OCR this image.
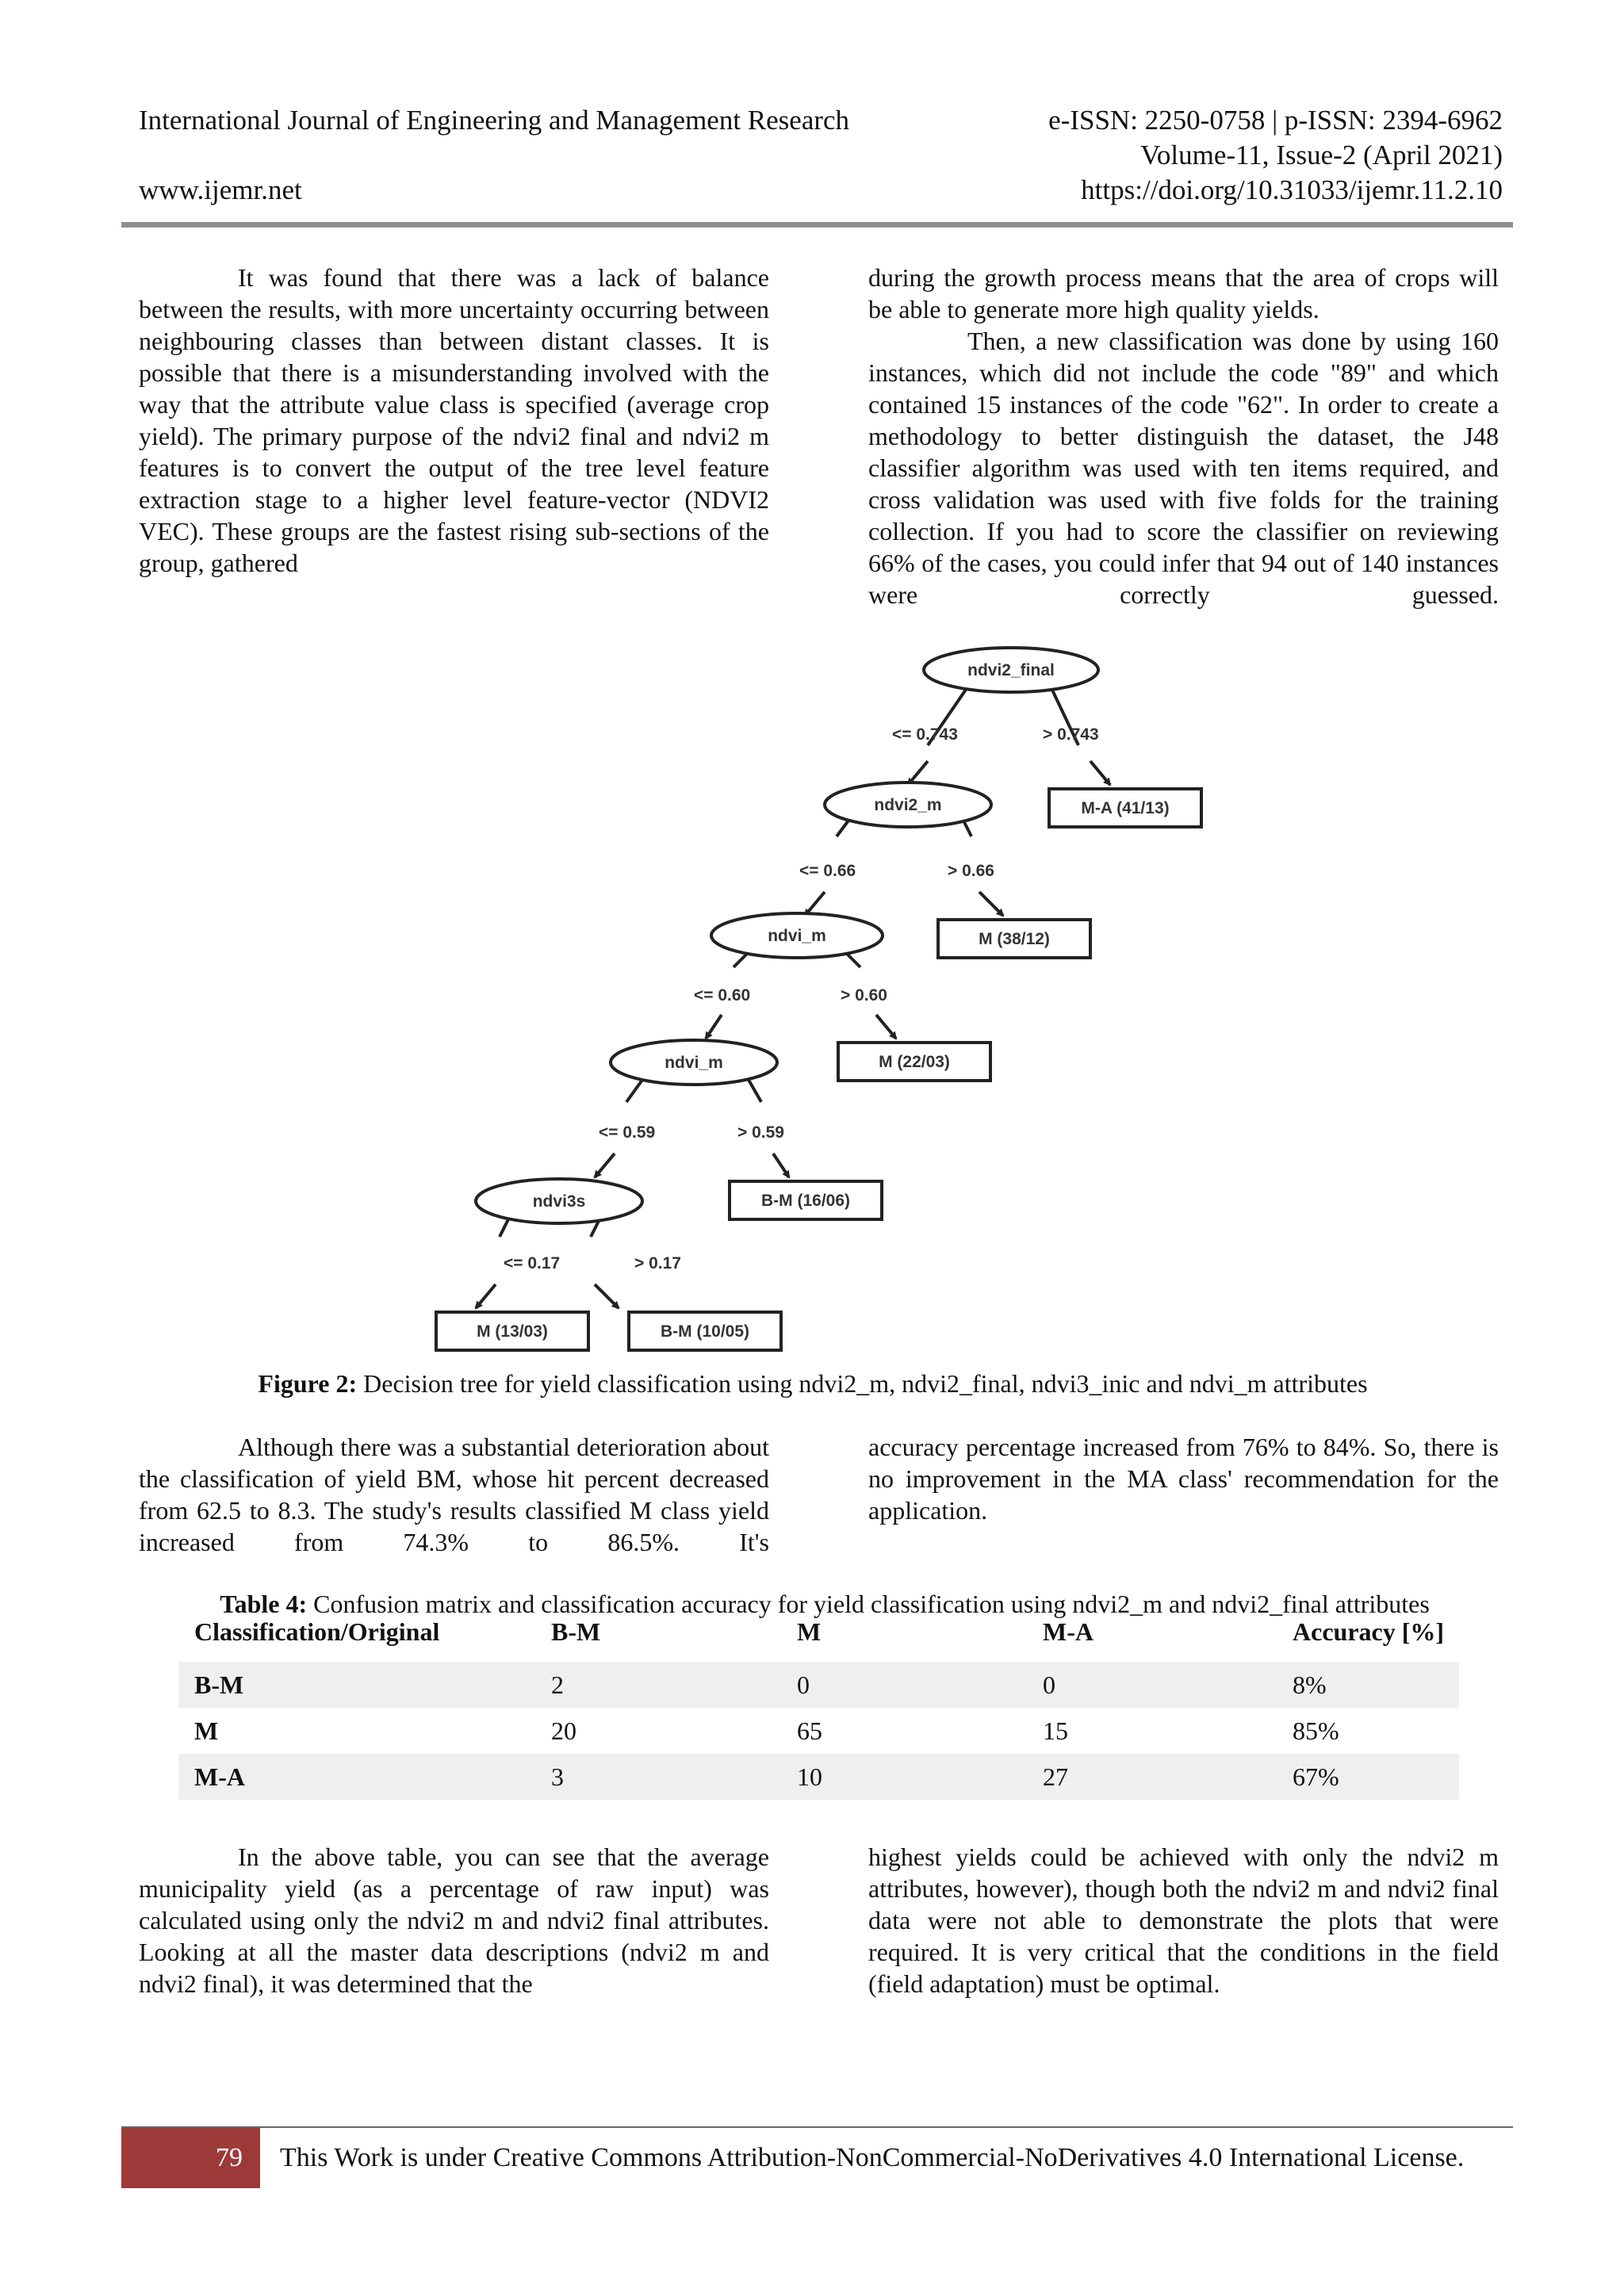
International Journal of Engineering and Management Research	e-ISSN: 2250-0758 | p-ISSN: 2394-6962
Volume-11, Issue-2 (April 2021)
www.ijemr.net	https://doi.org/10.31033/ijemr.11.2.10

It was found that there was a lack of balance between the results, with more uncertainty occurring between neighbouring classes than between distant classes. It is possible that there is a misunderstanding involved with the way that the attribute value class is specified (average crop yield). The primary purpose of the ndvi2 final and ndvi2 m features is to convert the output of the tree level feature extraction stage to a higher level feature-vector (NDVI2 VEC). These groups are the fastest rising sub-sections of the group, gathered

during the growth process means that the area of crops will be able to generate more high quality yields.

Then, a new classification was done by using 160 instances, which did not include the code "89" and which contained 15 instances of the code "62". In order to create a methodology to better distinguish the dataset, the J48 classifier algorithm was used with ten items required, and cross validation was used with five folds for the training collection. If you had to score the classifier on reviewing 66% of the cases, you could infer that 94 out of 140 instances were correctly guessed.

ndvi2_final
ndvi2_m
ndvi_m
ndvi_m
ndvi3s
M-A (41/13)
M (38/12)
M (22/03)
B-M (16/06)
M (13/03)	B-M (10/05)
<= 0.743	> 0.743
<= 0.66	> 0.66
<= 0.60	> 0.60
<= 0.59	> 0.59
<= 0.17	> 0.17
Figure 2: Decision tree for yield classification using ndvi2_m, ndvi2_final, ndvi3_inic and ndvi_m attributes

Although there was a substantial deterioration about the classification of yield BM, whose hit percent decreased from 62.5 to 8.3. The study's results classified M class yield increased from 74.3% to 86.5%. It's

accuracy percentage increased from 76% to 84%. So, there is no improvement in the MA class' recommendation for the application.

Table 4: Confusion matrix and classification accuracy for yield classification using ndvi2_m and ndvi2_final attributes
Classification/Original	B-M	M	M-A	Accuracy [%]
B-M	2	0	0	8%
M	20	65	15	85%
M-A	3	10	27	67%

In the above table, you can see that the average municipality yield (as a percentage of raw input) was calculated using only the ndvi2 m and ndvi2 final attributes. Looking at all the master data descriptions (ndvi2 m and ndvi2 final), it was determined that the

highest yields could be achieved with only the ndvi2 m attributes, however), though both the ndvi2 m and ndvi2 final data were not able to demonstrate the plots that were required. It is very critical that the conditions in the field (field adaptation) must be optimal.

79	This Work is under Creative Commons Attribution-NonCommercial-NoDerivatives 4.0 International License.
